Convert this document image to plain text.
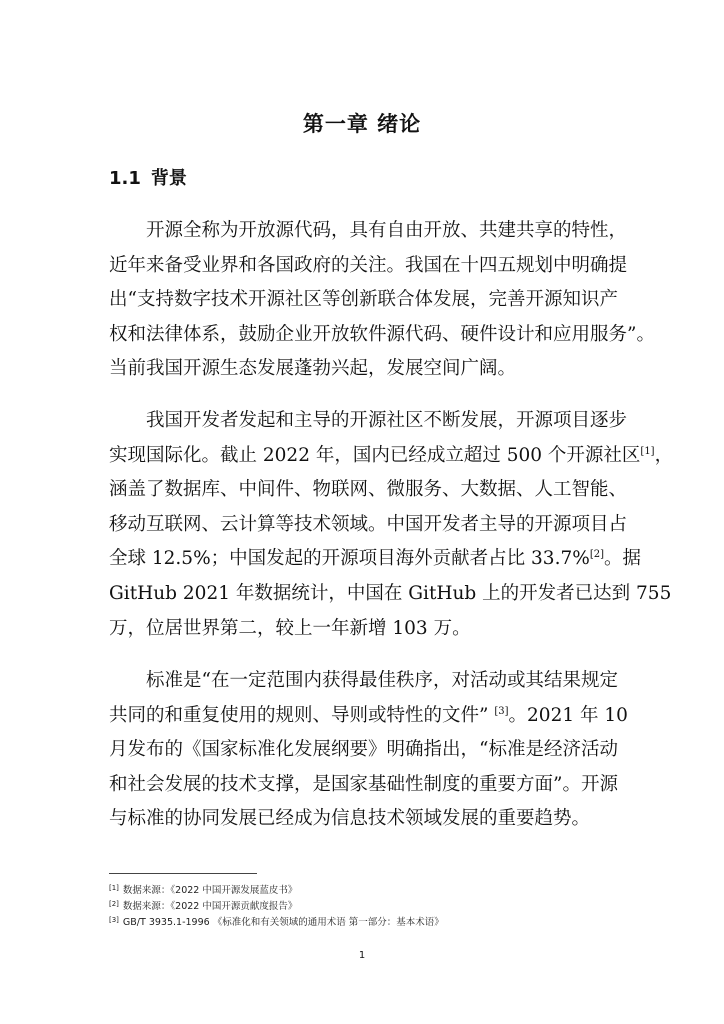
第一章 绪论
1.1 背景
　　开源全称为开放源代码，具有自由开放、共建共享的特性，
近年来备受业界和各国政府的关注。我国在十四五规划中明确提
出“支持数字技术开源社区等创新联合体发展，完善开源知识产
权和法律体系，鼓励企业开放软件源代码、硬件设计和应用服务”。
当前我国开源生态发展蓬勃兴起，发展空间广阔。
　　我国开发者发起和主导的开源社区不断发展，开源项目逐步
实现国际化。截止 2022 年，国内已经成立超过 500 个开源社区[1]，
涵盖了数据库、中间件、物联网、微服务、大数据、人工智能、
移动互联网、云计算等技术领域。中国开发者主导的开源项目占
全球 12.5%；中国发起的开源项目海外贡献者占比 33.7%[2]。据
GitHub 2021 年数据统计，中国在 GitHub 上的开发者已达到 755
万，位居世界第二，较上一年新增 103 万。
　　标准是“在一定范围内获得最佳秩序，对活动或其结果规定
共同的和重复使用的规则、导则或特性的文件” [3]。2021 年 10
月发布的《国家标准化发展纲要》明确指出，“标准是经济活动
和社会发展的技术支撑，是国家基础性制度的重要方面”。开源
与标准的协同发展已经成为信息技术领域发展的重要趋势。
[1] 数据来源：《2022 中国开源发展蓝皮书》
[2] 数据来源：《2022 中国开源贡献度报告》
[3] GB/T 3935.1-1996 《标准化和有关领域的通用术语 第一部分：基本术语》
1
